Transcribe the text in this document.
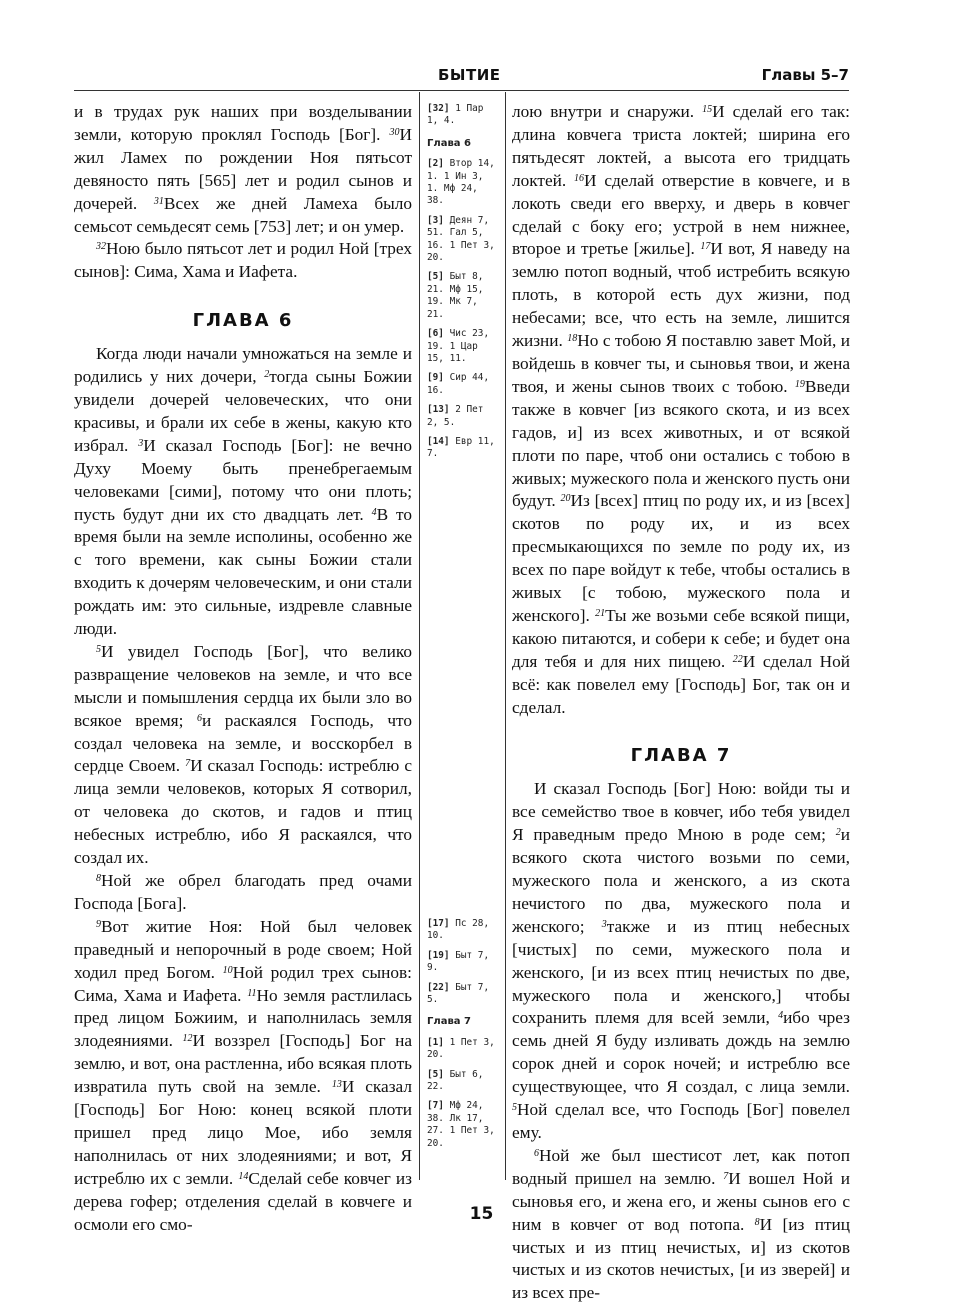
БЫТИЕ	Главы 5–7

и в трудах рук наших при возделывании земли, которую проклял Господь [Бог]. $^{30}$И жил Ламех по рождении Ноя пятьсот девяносто пять [565] лет и родил сынов и дочерей. $^{31}$Всех же дней Ламеха было семьсот семьдесят семь [753] лет; и он умер.

$^{32}$Ною было пятьсот лет и родил Ной [трех сынов]: Сима, Хама и Иафета.

ГЛАВА 6

Когда люди начали умножаться на земле и родились у них дочери, $^2$тогда сыны Божии увидели дочерей человеческих, что они красивы, и брали их себе в жены, какую кто избрал. $^3$И сказал Господь [Бог]: не вечно Духу Моему быть пренебрегаемым человеками [сими], потому что они плоть; пусть будут дни их сто двадцать лет. $^4$В то время были на земле исполины, особенно же с того времени, как сыны Божии стали входить к дочерям человеческим, и они стали рождать им: это сильные, издревле славные люди.

$^5$И увидел Господь [Бог], что велико развращение человеков на земле, и что все мысли и помышления сердца их были зло во всякое время; $^6$и раскаялся Господь, что создал человека на земле, и восскорбел в сердце Своем. $^7$И сказал Господь: истреблю с лица земли человеков, которых Я сотворил, от человека до скотов, и гадов и птиц небесных истреблю, ибо Я раскаялся, что создал их.

$^8$Ной же обрел благодать пред очами Господа [Бога].

$^9$Вот житие Ноя: Ной был человек праведный и непорочный в роде своем; Ной ходил пред Богом. $^{10}$Ной родил трех сынов: Сима, Хама и Иафета. $^{11}$Но земля растлилась пред лицом Божиим, и наполнилась земля злодеяниями. $^{12}$И воззрел [Господь] Бог на землю, и вот, она растленна, ибо всякая плоть извратила путь свой на земле. $^{13}$И сказал [Господь] Бог Ною: конец всякой плоти пришел пред лицо Мое, ибо земля наполнилась от них злодеяниями; и вот, Я истреблю их с земли. $^{14}$Сделай себе ковчег из дерева гофер; отделения сделай в ковчеге и осмоли его смо-

[32] 1 Пар 1, 4.
Глава 6
[2] Втор 14, 1. 1 Ин 3, 1. Мф 24, 38.
[3] Деян 7, 51. Гал 5, 16. 1 Пет 3, 20.
[5] Быт 8, 21. Мф 15, 19. Мк 7, 21.
[6] Чис 23, 19. 1 Цар 15, 11.
[9] Сир 44, 16.
[13] 2 Пет 2, 5.
[14] Евр 11, 7.
[17] Пс 28, 10.
[19] Быт 7, 9.
[22] Быт 7, 5.
Глава 7
[1] 1 Пет 3, 20.
[5] Быт 6, 22.
[7] Мф 24, 38. Лк 17, 27. 1 Пет 3, 20.

лою внутри и снаружи. $^{15}$И сделай его так: длина ковчега триста локтей; ширина его пятьдесят локтей, а высота его тридцать локтей. $^{16}$И сделай отверстие в ковчеге, и в локоть сведи его вверху, и дверь в ковчег сделай с боку его; устрой в нем нижнее, второе и третье [жилье]. $^{17}$И вот, Я наведу на землю потоп водный, чтоб истребить всякую плоть, в которой есть дух жизни, под небесами; все, что есть на земле, лишится жизни. $^{18}$Но с тобою Я поставлю завет Мой, и войдешь в ковчег ты, и сыновья твои, и жена твоя, и жены сынов твоих с тобою. $^{19}$Введи также в ковчег [из всякого скота, и из всех гадов, и] из всех животных, и от всякой плоти по паре, чтоб они остались с тобою в живых; мужеского пола и женского пусть они будут. $^{20}$Из [всех] птиц по роду их, и из [всех] скотов по роду их, и из всех пресмыкающихся по земле по роду их, из всех по паре войдут к тебе, чтобы остались в живых [с тобою, мужеского пола и женского]. $^{21}$Ты же возьми себе всякой пищи, какою питаются, и собери к себе; и будет она для тебя и для них пищею. $^{22}$И сделал Ной всё: как повелел ему [Господь] Бог, так он и сделал.

ГЛАВА 7

И сказал Господь [Бог] Ною: войди ты и все семейство твое в ковчег, ибо тебя увидел Я праведным предо Мною в роде сем; $^2$и всякого скота чистого возьми по семи, мужеского пола и женского, а из скота нечистого по два, мужеского пола и женского; $^3$также и из птиц небесных [чистых] по семи, мужеского пола и женского, [и из всех птиц нечистых по две, мужеского пола и женского,] чтобы сохранить племя для всей земли, $^4$ибо чрез семь дней Я буду изливать дождь на землю сорок дней и сорок ночей; и истреблю все существующее, что Я создал, с лица земли. $^5$Ной сделал все, что Господь [Бог] повелел ему.

$^6$Ной же был шестисот лет, как потоп водный пришел на землю. $^7$И вошел Ной и сыновья его, и жена его, и жены сынов его с ним в ковчег от вод потопа. $^8$И [из птиц чистых и из птиц нечистых, и] из скотов чистых и из скотов нечистых, [и из зверей] и из всех пре-

15
